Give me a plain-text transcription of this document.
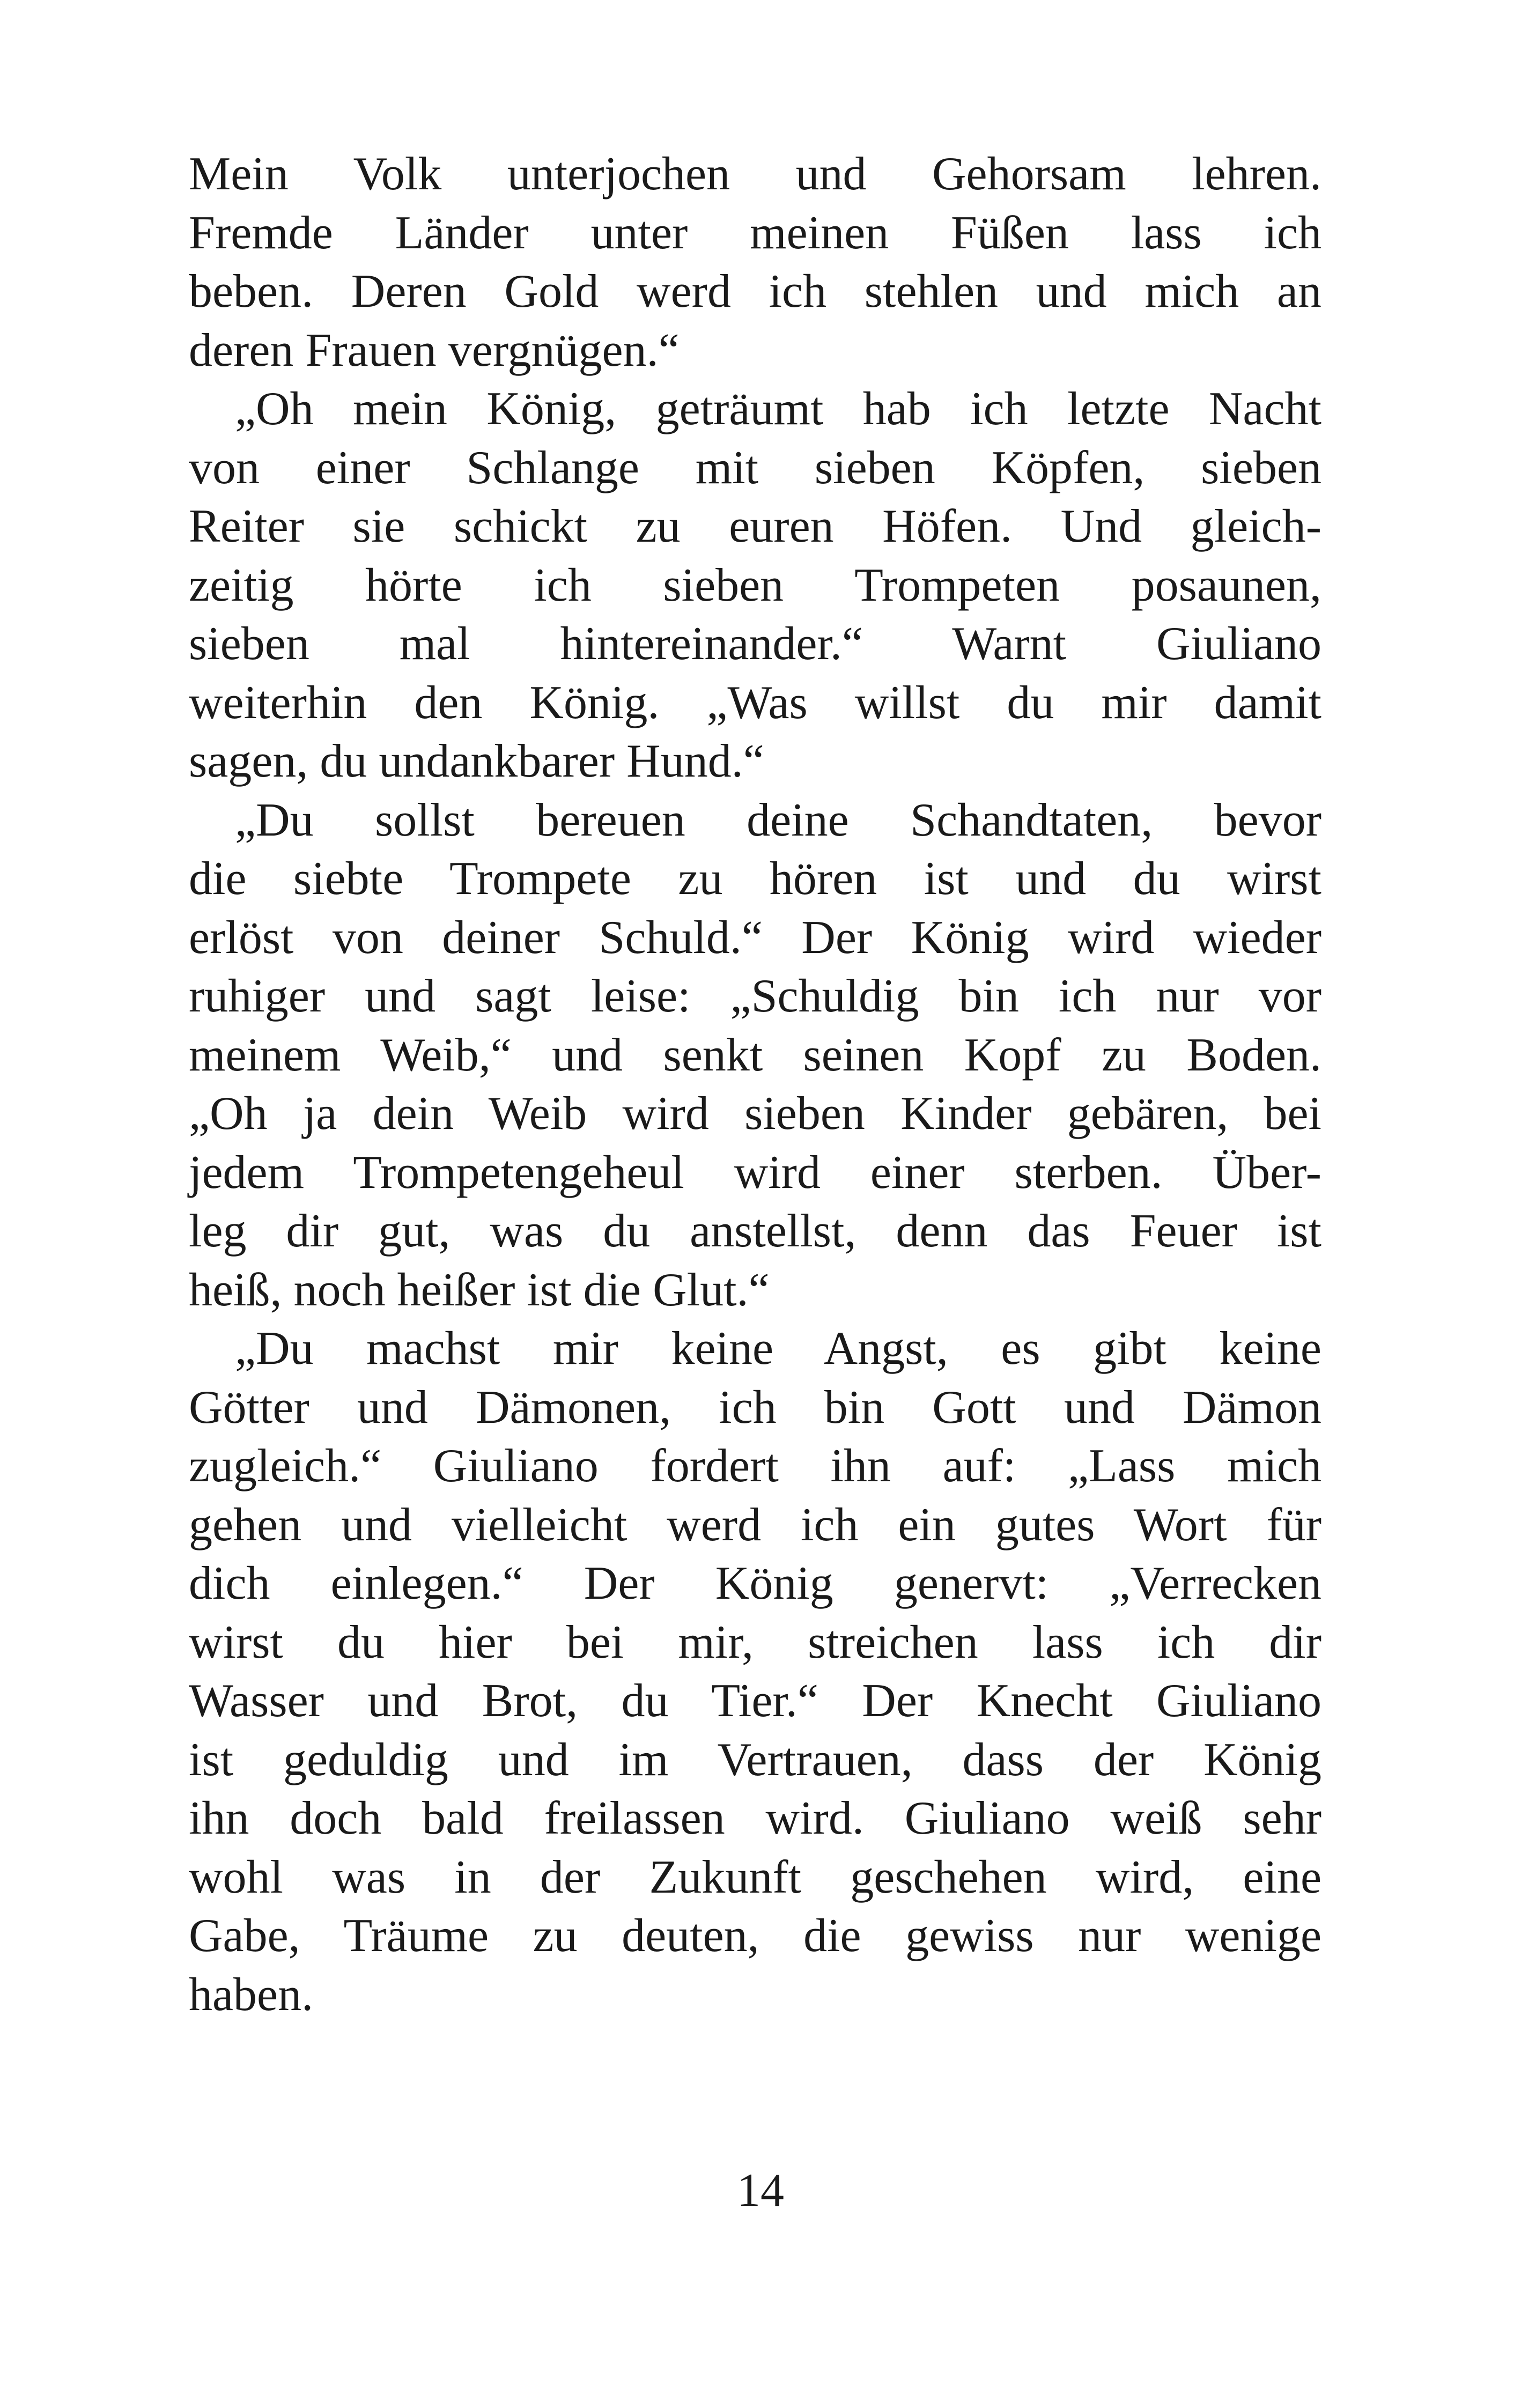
Mein Volk unterjochen und Gehorsam lehren.
Fremde Länder unter meinen Füßen lass ich
beben. Deren Gold werd ich stehlen und mich an
deren Frauen vergnügen.“
„Oh mein König, geträumt hab ich letzte Nacht
von einer Schlange mit sieben Köpfen, sieben
Reiter sie schickt zu euren Höfen. Und gleich-
zeitig hörte ich sieben Trompeten posaunen,
sieben mal hintereinander.“ Warnt Giuliano
weiterhin den König. „Was willst du mir damit
sagen, du undankbarer Hund.“
„Du sollst bereuen deine Schandtaten, bevor
die siebte Trompete zu hören ist und du wirst
erlöst von deiner Schuld.“ Der König wird wieder
ruhiger und sagt leise: „Schuldig bin ich nur vor
meinem Weib,“ und senkt seinen Kopf zu Boden.
„Oh ja dein Weib wird sieben Kinder gebären, bei
jedem Trompetengeheul wird einer sterben. Über-
leg dir gut, was du anstellst, denn das Feuer ist
heiß, noch heißer ist die Glut.“
„Du machst mir keine Angst, es gibt keine
Götter und Dämonen, ich bin Gott und Dämon
zugleich.“ Giuliano fordert ihn auf: „Lass mich
gehen und vielleicht werd ich ein gutes Wort für
dich einlegen.“ Der König genervt: „Verrecken
wirst du hier bei mir, streichen lass ich dir
Wasser und Brot, du Tier.“ Der Knecht Giuliano
ist geduldig und im Vertrauen, dass der König
ihn doch bald freilassen wird. Giuliano weiß sehr
wohl was in der Zukunft geschehen wird, eine
Gabe, Träume zu deuten, die gewiss nur wenige
haben.
14
